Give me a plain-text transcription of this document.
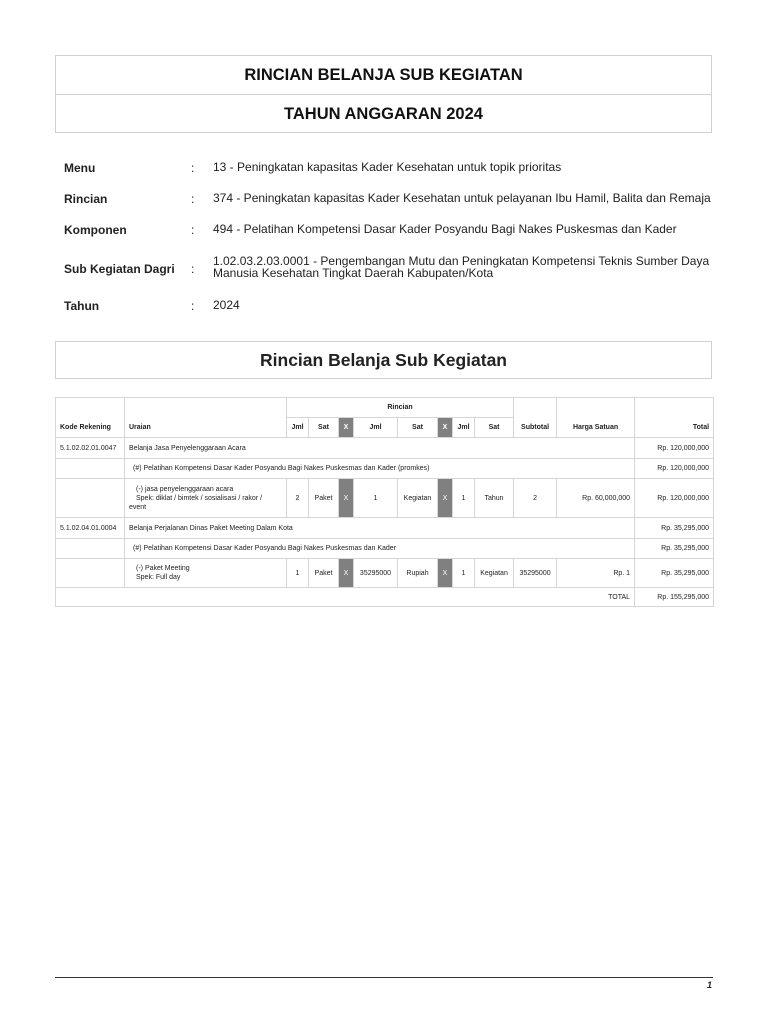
RINCIAN BELANJA SUB KEGIATAN
TAHUN ANGGARAN 2024
Menu	: 13 - Peningkatan kapasitas Kader Kesehatan untuk topik prioritas
Rincian	: 374 - Peningkatan kapasitas Kader Kesehatan untuk pelayanan Ibu Hamil, Balita dan Remaja
Komponen	: 494 - Pelatihan Kompetensi Dasar Kader Posyandu Bagi Nakes Puskesmas dan Kader
Sub Kegiatan Dagri :
1.02.03.2.03.0001 - Pengembangan Mutu dan Peningkatan Kompetensi Teknis Sumber Daya Manusia Kesehatan Tingkat Daerah Kabupaten/Kota
Tahun	: 2024
Rincian Belanja Sub Kegiatan
Kode Rekening	Uraian	Rincian								Subtotal	Harga Satuan	Total
		Jml	Sat	X	Jml	Sat	X	Jml	Sat			
5.1.02.02.01.0047	Belanja Jasa Penyelenggaraan Acara											Rp. 120,000,000
	(#) Pelatihan Kompetensi Dasar Kader Posyandu Bagi Nakes Puskesmas dan Kader (promkes)											Rp. 120,000,000

	(-) jasa penyelenggaraan acara
Spek: diklat / bimtek / sosialisasi / rakor /
event	2	Paket	X	1	Kegiatan	X	1	Tahun	2	Rp. 60,000,000	Rp. 120,000,000
5.1.02.04.01.0004	Belanja Perjalanan Dinas Paket Meeting Dalam Kota											Rp. 35,295,000
	(#) Pelatihan Kompetensi Dasar Kader Posyandu Bagi Nakes Puskesmas dan Kader											Rp. 35,295,000

	(-) Paket Meeting
Spek: Full day	1	Paket	X	35295000	Rupiah	X	1	Kegiatan	35295000	Rp. 1	Rp. 35,295,000
TOTAL												Rp. 155,295,000
1
